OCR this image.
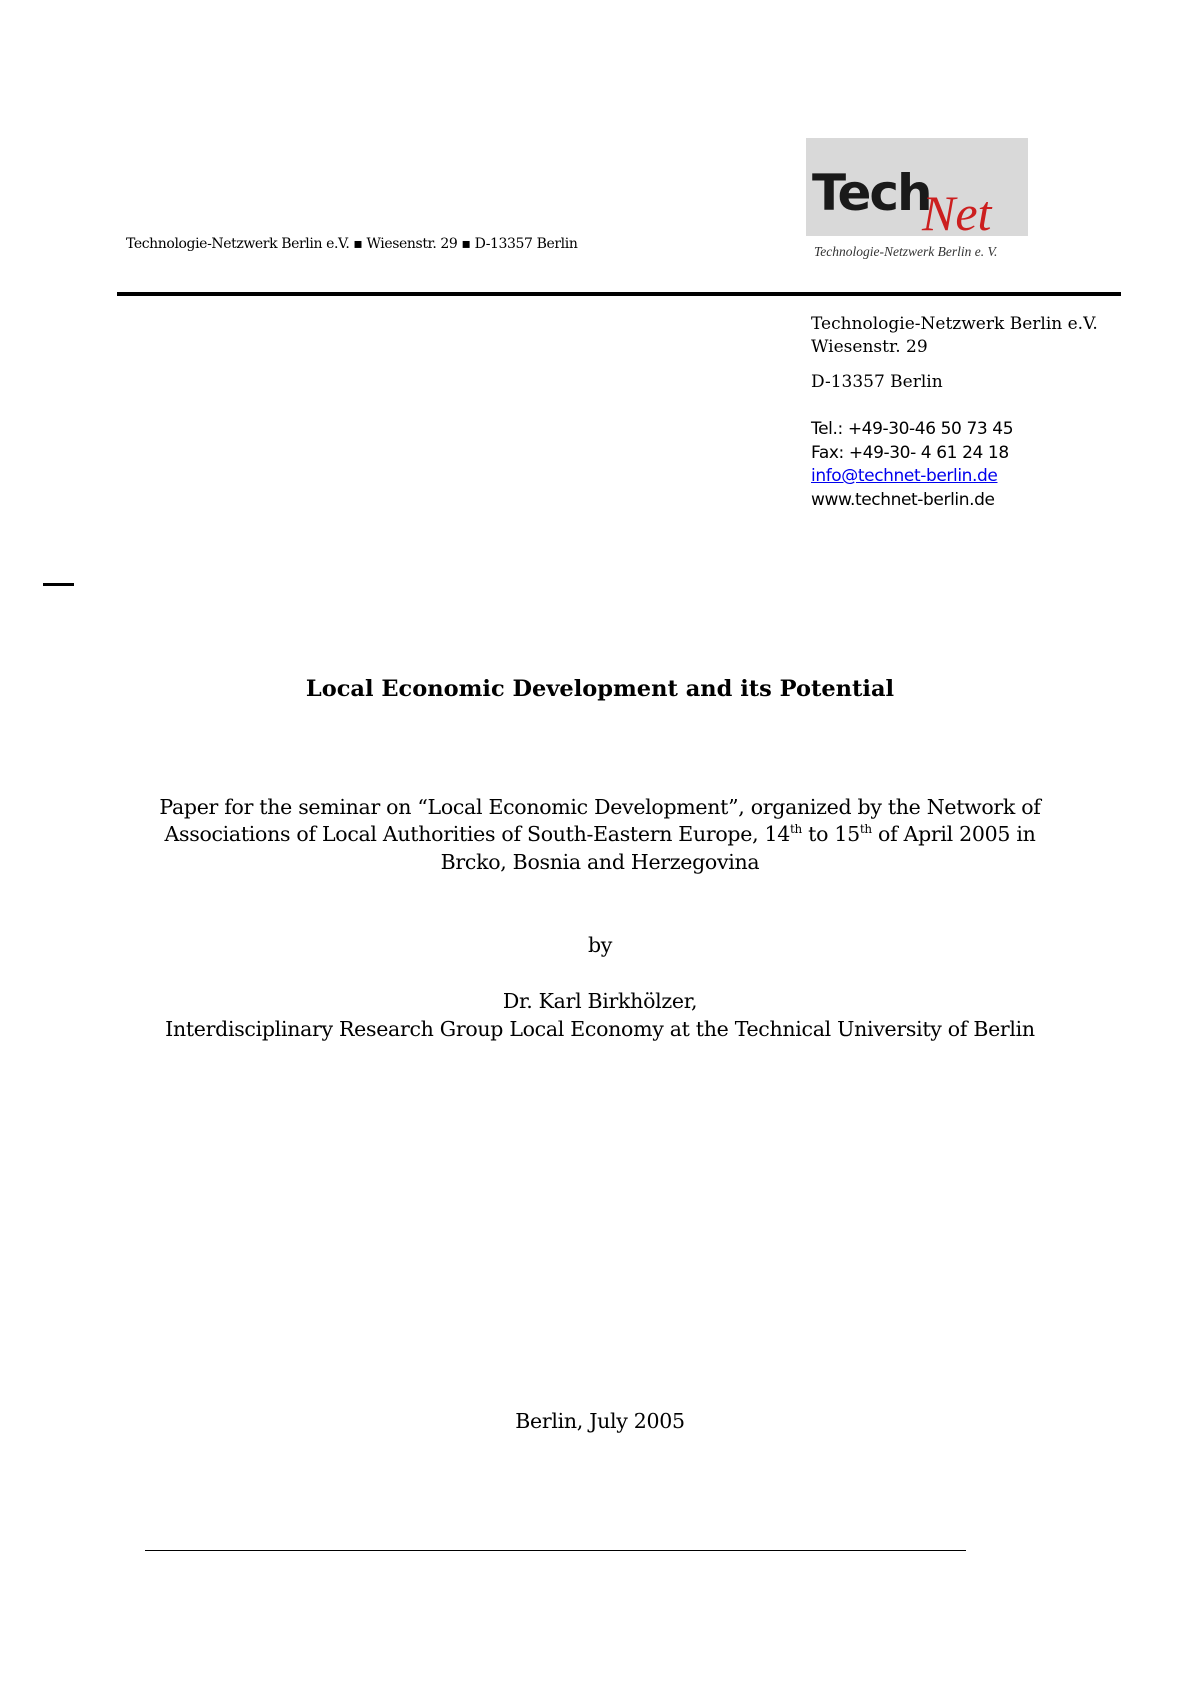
Technologie-Netzwerk Berlin e.V. ▪ Wiesenstr. 29 ▪ D-13357 Berlin
Tech
Net
Technologie-Netzwerk Berlin e. V.
Technologie-Netzwerk Berlin e.V.
Wiesenstr. 29
D-13357 Berlin
Tel.: +49-30-46 50 73 45
Fax: +49-30- 4 61 24 18
info@technet-berlin.de
www.technet-berlin.de
Local Economic Development and its Potential
Paper for the seminar on “Local Economic Development”, organized by the Network of
Associations of Local Authorities of South-Eastern Europe, 14th to 15th of April 2005 in
Brcko, Bosnia and Herzegovina
by
Dr. Karl Birkhölzer,
Interdisciplinary Research Group Local Economy at the Technical University of Berlin
Berlin, July 2005
